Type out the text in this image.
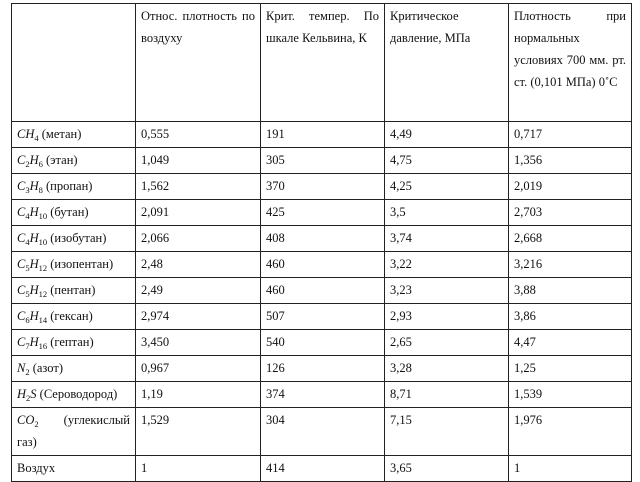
	Относ. плотность по воздуху	Крит. темпер. По шкале Кельвина, К	Критическое давление, МПа	Плотность при нормальных условиях 700 мм. рт. ст. (0,101 МПа) 0˚С
$CH_4$ (метан)	0,555	191	4,49	0,717
$C_2H_6$ (этан)	1,049	305	4,75	1,356
$C_3H_8$ (пропан)	1,562	370	4,25	2,019
$C_4H_{10}$ (бутан)	2,091	425	3,5	2,703
$C_4H_{10}$ (изобутан)	2,066	408	3,74	2,668
$C_5H_{12}$ (изопентан)	2,48	460	3,22	3,216
$C_5H_{12}$ (пентан)	2,49	460	3,23	3,88
$C_6H_{14}$ (гексан)	2,974	507	2,93	3,86
$C_7H_{16}$ (гептан)	3,450	540	2,65	4,47
$N_2$ (азот)	0,967	126	3,28	1,25
$H_2S$ (Сероводород)	1,19	374	8,71	1,539
$CO_2$ (углекислый газ)	1,529	304	7,15	1,976
Воздух	1	414	3,65	1
